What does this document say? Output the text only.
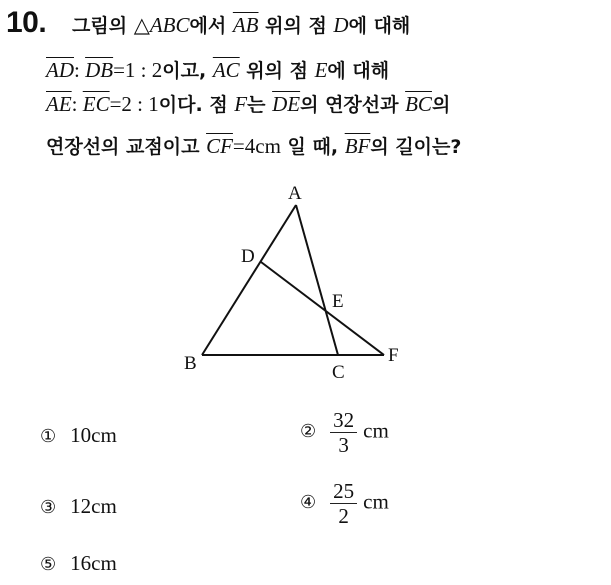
10. 그림의 △ABC에서 $\overline{AB}$ 위의 점 D에 대해
$\overline{AD}$: $\overline{DB}=1$ : 2이고, $\overline{AC}$ 위의 점 E에 대해
$\overline{AE}$: $\overline{EC}=2$ : 1이다. 점 F는 $\overline{DE}$의 연장선과 $\overline{BC}$의
연장선의 교점이고 $\overline{CF}=4cm$ 일 때, $\overline{BF}$의 길이는?
A
B	C
D
E
F
① 10cm	② $\frac{32}{3}$ cm
③ 12cm	④ $\frac{25}{2}$ cm
⑤ 16cm
